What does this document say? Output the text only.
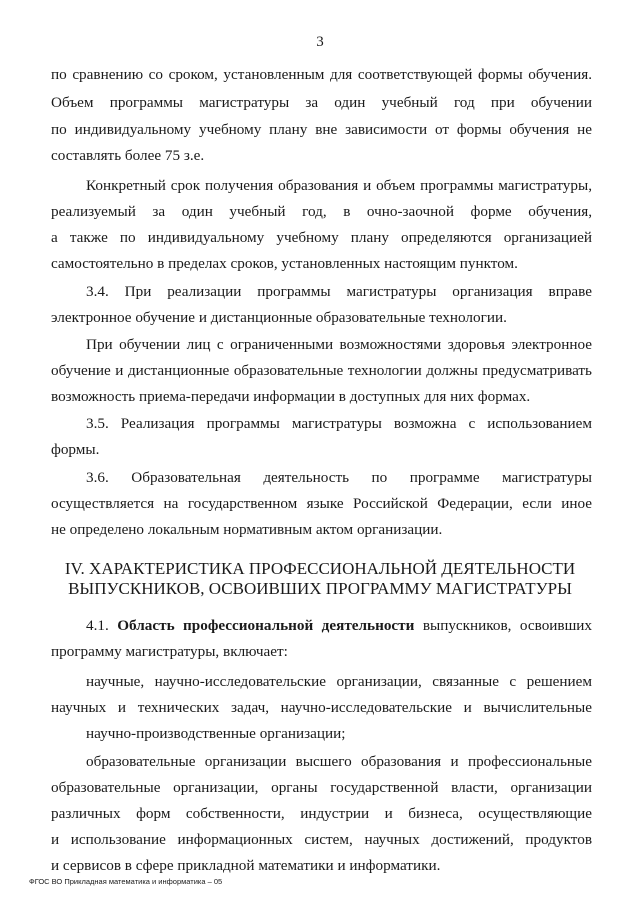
3
по сравнению со сроком, установленным для соответствующей формы обучения.
Объем программы магистратуры за один учебный год при обучении
по индивидуальному учебному плану вне зависимости от формы обучения не
составлять более 75 з.е.
Конкретный срок получения образования и объем программы магистратуры,
реализуемый за один учебный год, в очно-заочной форме обучения,
а также по индивидуальному учебному плану определяются организацией
самостоятельно в пределах сроков, установленных настоящим пунктом.
3.4. При реализации программы магистратуры организация вправе
электронное обучение и дистанционные образовательные технологии.
При обучении лиц с ограниченными возможностями здоровья электронное
обучение и дистанционные образовательные технологии должны предусматривать
возможность приема-передачи информации в доступных для них формах.
3.5. Реализация программы магистратуры возможна с использованием
формы.
3.6. Образовательная деятельность по программе магистратуры
осуществляется на государственном языке Российской Федерации, если иное
не определено локальным нормативным актом организации.
IV. ХАРАКТЕРИСТИКА ПРОФЕССИОНАЛЬНОЙ ДЕЯТЕЛЬНОСТИ
ВЫПУСКНИКОВ, ОСВОИВШИХ ПРОГРАММУ МАГИСТРАТУРЫ
4.1. Область профессиональной деятельности выпускников, освоивших
программу магистратуры, включает:
научные, научно-исследовательские организации, связанные с решением
научных и технических задач, научно-исследовательские и вычислительные
научно-производственные организации;
образовательные организации высшего образования и профессиональные
образовательные организации, органы государственной власти, организации
различных форм собственности, индустрии и бизнеса, осуществляющие
и использование информационных систем, научных достижений, продуктов
и сервисов в сфере прикладной математики и информатики.
ФГОС ВО Прикладная математика и информатика – 05
